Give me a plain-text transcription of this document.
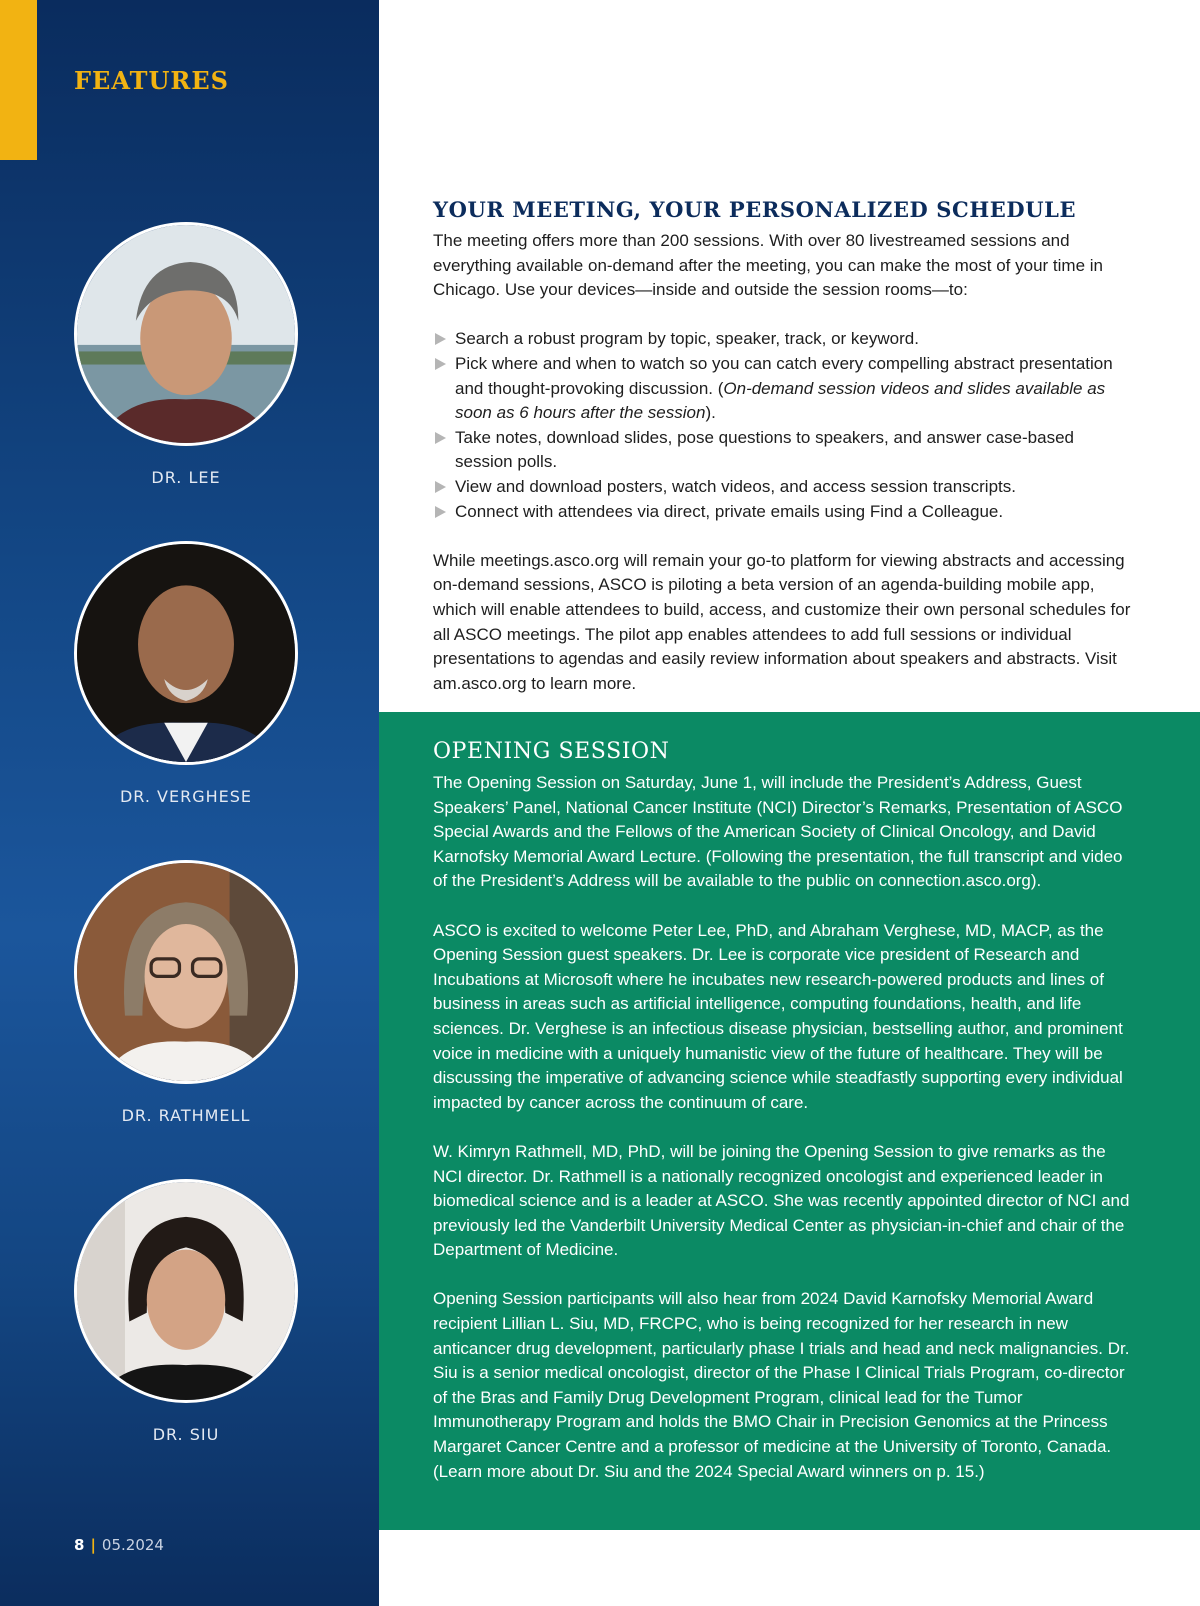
FEATURES

DR. LEE

DR. VERGHESE

DR. RATHMELL

DR. SIU

8 | 05.2024
YOUR MEETING, YOUR PERSONALIZED SCHEDULE

The meeting offers more than 200 sessions. With over 80 livestreamed sessions and everything available on-demand after the meeting, you can make the most of your time in Chicago. Use your devices—inside and outside the session rooms—to:

Search a robust program by topic, speaker, track, or keyword.
Pick where and when to watch so you can catch every compelling abstract presentation and thought-provoking discussion. (On-demand session videos and slides available as soon as 6 hours after the session).
Take notes, download slides, pose questions to speakers, and answer case-based session polls.
View and download posters, watch videos, and access session transcripts.
Connect with attendees via direct, private emails using Find a Colleague.

While meetings.asco.org will remain your go-to platform for viewing abstracts and accessing on-demand sessions, ASCO is piloting a beta version of an agenda-building mobile app, which will enable attendees to build, access, and customize their own personal schedules for all ASCO meetings. The pilot app enables attendees to add full sessions or individual presentations to agendas and easily review information about speakers and abstracts. Visit am.asco.org to learn more.

OPENING SESSION

The Opening Session on Saturday, June 1, will include the President’s Address, Guest Speakers’ Panel, National Cancer Institute (NCI) Director’s Remarks, Presentation of ASCO Special Awards and the Fellows of the American Society of Clinical Oncology, and David Karnofsky Memorial Award Lecture. (Following the presentation, the full transcript and video of the President’s Address will be available to the public on connection.asco.org).

ASCO is excited to welcome Peter Lee, PhD, and Abraham Verghese, MD, MACP, as the Opening Session guest speakers. Dr. Lee is corporate vice president of Research and Incubations at Microsoft where he incubates new research-powered products and lines of business in areas such as artificial intelligence, computing foundations, health, and life sciences. Dr. Verghese is an infectious disease physician, bestselling author, and prominent voice in medicine with a uniquely humanistic view of the future of healthcare. They will be discussing the imperative of advancing science while steadfastly supporting every individual impacted by cancer across the continuum of care.

W. Kimryn Rathmell, MD, PhD, will be joining the Opening Session to give remarks as the NCI director. Dr. Rathmell is a nationally recognized oncologist and experienced leader in biomedical science and is a leader at ASCO. She was recently appointed director of NCI and previously led the Vanderbilt University Medical Center as physician-in-chief and chair of the Department of Medicine.

Opening Session participants will also hear from 2024 David Karnofsky Memorial Award recipient Lillian L. Siu, MD, FRCPC, who is being recognized for her research in new anticancer drug development, particularly phase I trials and head and neck malignancies. Dr. Siu is a senior medical oncologist, director of the Phase I Clinical Trials Program, co-director of the Bras and Family Drug Development Program, clinical lead for the Tumor Immunotherapy Program and holds the BMO Chair in Precision Genomics at the Princess Margaret Cancer Centre and a professor of medicine at the University of Toronto, Canada. (Learn more about Dr. Siu and the 2024 Special Award winners on p. 15.)
